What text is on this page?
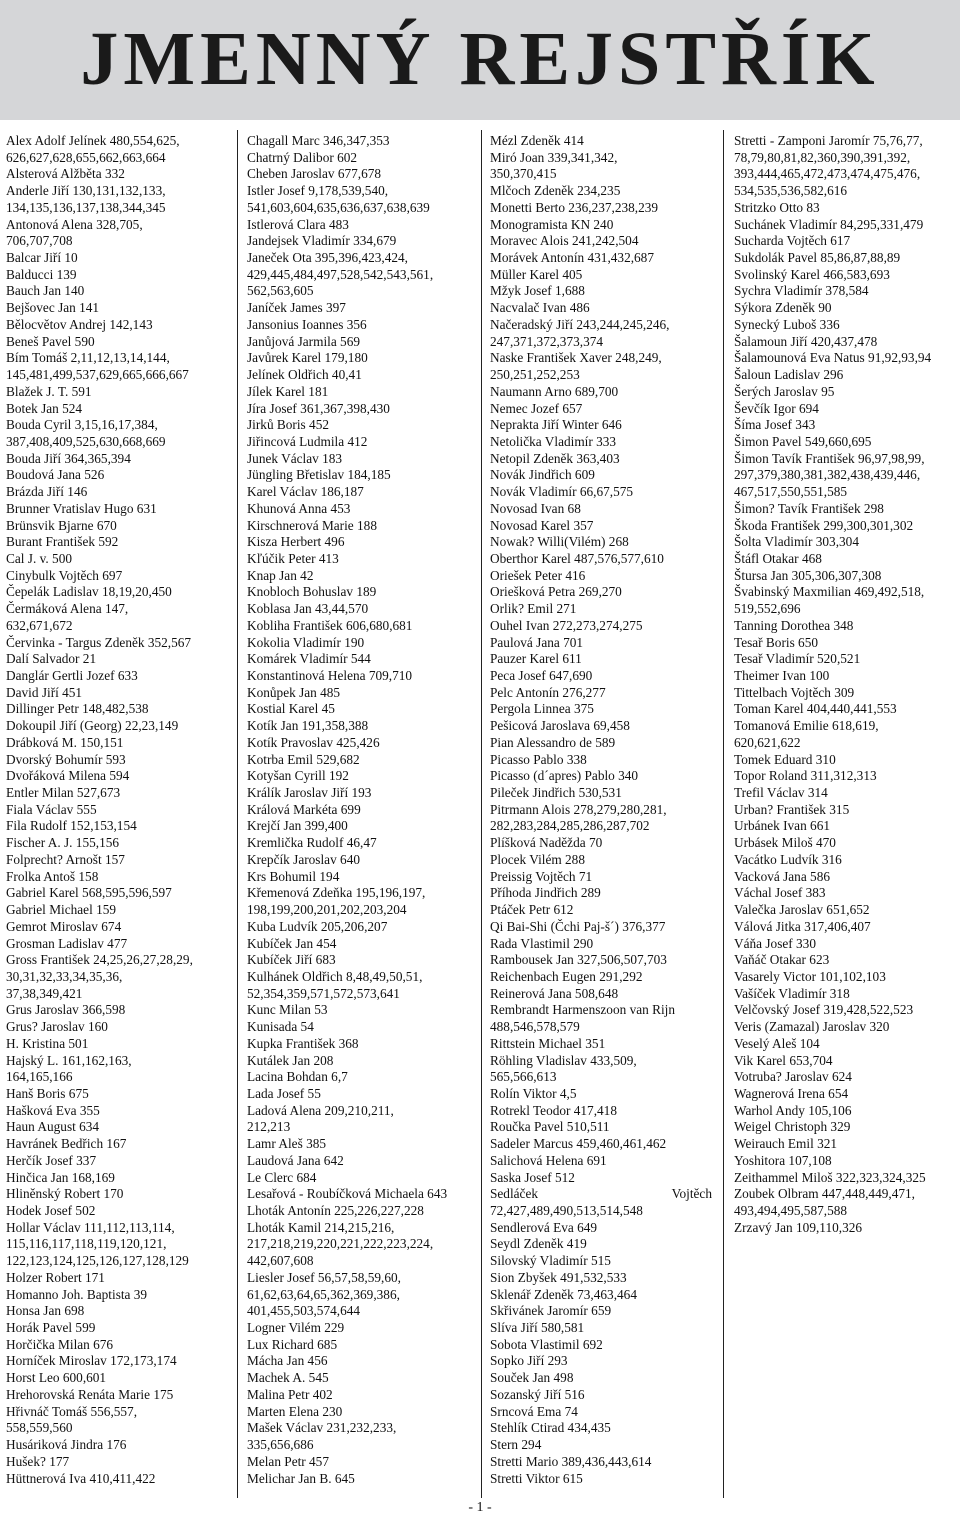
JMENNÝ REJSTŘÍK
Alex Adolf Jelínek 480,554,625,
626,627,628,655,662,663,664
Alsterová Alžběta 332
Anderle Jiří 130,131,132,133,
134,135,136,137,138,344,345
Antonová Alena 328,705,
706,707,708
Balcar Jiří 10
Balducci 139
Bauch Jan 140
Bejšovec Jan 141
Bělocvětov Andrej 142,143
Beneš Pavel 590
Bím Tomáš 2,11,12,13,14,144,
145,481,499,537,629,665,666,667
Blažek J. T. 591
Botek Jan 524
Bouda Cyril 3,15,16,17,384,
387,408,409,525,630,668,669
Bouda Jiří 364,365,394
Boudová Jana 526
Brázda Jiří 146
Brunner Vratislav Hugo 631
Brünsvik Bjarne 670
Burant František 592
Cal J. v. 500
Cinybulk Vojtěch 697
Čepelák Ladislav 18,19,20,450
Čermáková Alena 147,
632,671,672
Červinka - Targus Zdeněk 352,567
Dalí Salvador 21
Danglár Gertli Jozef 633
David Jiří 451
Dillinger Petr 148,482,538
Dokoupil Jiří (Georg) 22,23,149
Drábková M. 150,151
Dvorský Bohumír 593
Dvořáková Milena 594
Entler Milan 527,673
Fiala Václav 555
Fila Rudolf 152,153,154
Fischer A. J. 155,156
Folprecht? Arnošt 157
Frolka Antoš 158
Gabriel Karel 568,595,596,597
Gabriel Michael 159
Gemrot Miroslav 674
Grosman Ladislav 477
Gross František 24,25,26,27,28,29,
30,31,32,33,34,35,36,
37,38,349,421
Grus Jaroslav 366,598
Grus? Jaroslav 160
H. Kristina 501
Hajský L. 161,162,163,
164,165,166
Hanš Boris 675
Hašková Eva 355
Haun August 634
Havránek Bedřich 167
Herčík Josef 337
Hinčica Jan 168,169
Hliněnský Robert 170
Hodek Josef 502
Hollar Václav 111,112,113,114,
115,116,117,118,119,120,121,
122,123,124,125,126,127,128,129
Holzer Robert 171
Homanno Joh. Baptista 39
Honsa Jan 698
Horák Pavel 599
Horčička Milan 676
Horníček Miroslav 172,173,174
Horst Leo 600,601
Hrehorovská Renáta Marie 175
Hřivnáč Tomáš 556,557,
558,559,560
Husáriková Jindra 176
Hušek? 177
Hüttnerová Iva 410,411,422
Chagall Marc 346,347,353
Chatrný Dalibor 602
Cheben Jaroslav 677,678
Istler Josef 9,178,539,540,
541,603,604,635,636,637,638,639
Istlerová Clara 483
Jandejsek Vladimír 334,679
Janeček Ota 395,396,423,424,
429,445,484,497,528,542,543,561,
562,563,605
Janíček James 397
Jansonius Ioannes 356
Janůjová Jarmila 569
Javůrek Karel 179,180
Jelínek Oldřich 40,41
Jílek Karel 181
Jíra Josef 361,367,398,430
Jirků Boris 452
Jiřincová Ludmila 412
Junek Václav 183
Jüngling Břetislav 184,185
Karel Václav 186,187
Khunová Anna 453
Kirschnerová Marie 188
Kisza Herbert 496
Kľúčik Peter 413
Knap Jan 42
Knobloch Bohuslav 189
Koblasa Jan 43,44,570
Kobliha František 606,680,681
Kokolia Vladimír 190
Komárek Vladimír 544
Konstantinová Helena 709,710
Konůpek Jan 485
Kostial Karel 45
Kotík Jan 191,358,388
Kotík Pravoslav 425,426
Kotrba Emil 529,682
Kotyšan Cyrill 192
Králík Jaroslav Jiří 193
Králová Markéta 699
Krejčí Jan 399,400
Kremlička Rudolf 46,47
Krepčík Jaroslav 640
Krs Bohumil 194
Křemenová Zdeňka 195,196,197,
198,199,200,201,202,203,204
Kuba Ludvík 205,206,207
Kubíček Jan 454
Kubíček Jiří 683
Kulhánek Oldřich 8,48,49,50,51,
52,354,359,571,572,573,641
Kunc Milan 53
Kunisada 54
Kupka František 368
Kutálek Jan 208
Lacina Bohdan 6,7
Lada Josef 55
Ladová Alena 209,210,211,
212,213
Lamr Aleš 385
Laudová Jana 642
Le Clerc 684
Lesařová - Roubíčková Michaela 643
Lhoták Antonín 225,226,227,228
Lhoták Kamil 214,215,216,
217,218,219,220,221,222,223,224,
442,607,608
Liesler Josef 56,57,58,59,60,
61,62,63,64,65,362,369,386,
401,455,503,574,644
Logner Vilém 229
Lux Richard 685
Mácha Jan 456
Machek A. 545
Malina Petr 402
Marten Elena 230
Mašek Václav 231,232,233,
335,656,686
Melan Petr 457
Melichar Jan B. 645
Mézl Zdeněk 414
Miró Joan 339,341,342,
350,370,415
Mlčoch Zdeněk 234,235
Monetti Berto 236,237,238,239
Monogramista KN 240
Moravec Alois 241,242,504
Morávek Antonín 431,432,687
Müller Karel 405
Mžyk Josef 1,688
Nacvalač Ivan 486
Načeradský Jiří 243,244,245,246,
247,371,372,373,374
Naske František Xaver 248,249,
250,251,252,253
Naumann Arno 689,700
Nemec Jozef 657
Neprakta Jiří Winter 646
Netolička Vladimír 333
Netopil Zdeněk 363,403
Novák Jindřich 609
Novák Vladimír 66,67,575
Novosad Ivan 68
Novosad Karel 357
Nowak? Willi(Vilém) 268
Oberthor Karel 487,576,577,610
Oriešek Peter 416
Oriešková Petra 269,270
Orlik? Emil 271
Ouhel Ivan 272,273,274,275
Paulová Jana 701
Pauzer Karel 611
Peca Josef 647,690
Pelc Antonín 276,277
Pergola Linnea 375
Pešicová Jaroslava 69,458
Pian Alessandro de 589
Picasso Pablo 338
Picasso (d´apres) Pablo 340
Pileček Jindřich 530,531
Pitrmann Alois 278,279,280,281,
282,283,284,285,286,287,702
Plíšková Naděžda 70
Plocek Vilém 288
Preissig Vojtěch 71
Příhoda Jindřich 289
Ptáček Petr 612
Qi Bai-Shi (Čchi Paj-š´) 376,377
Rada Vlastimil 290
Rambousek Jan 327,506,507,703
Reichenbach Eugen 291,292
Reinerová Jana 508,648
Rembrandt Harmenszoon van Rijn
488,546,578,579
Rittstein Michael 351
Röhling Vladislav 433,509,
565,566,613
Rolín Viktor 4,5
Rotrekl Teodor 417,418
Roučka Pavel 510,511
Sadeler Marcus 459,460,461,462
Salichová Helena 691
Saska Josef 512
Sedláček	Vojtěch
72,427,489,490,513,514,548
Sendlerová Eva 649
Seydl Zdeněk 419
Silovský Vladimír 515
Sion Zbyšek 491,532,533
Sklenář Zdeněk 73,463,464
Skřivánek Jaromír 659
Slíva Jiří 580,581
Sobota Vlastimil 692
Sopko Jiří 293
Souček Jan 498
Sozanský Jiří 516
Srncová Ema 74
Stehlík Ctirad 434,435
Stern 294
Stretti Mario 389,436,443,614
Stretti Viktor 615
Stretti - Zamponi Jaromír 75,76,77,
78,79,80,81,82,360,390,391,392,
393,444,465,472,473,474,475,476,
534,535,536,582,616
Stritzko Otto 83
Suchánek Vladimír 84,295,331,479
Sucharda Vojtěch 617
Sukdolák Pavel 85,86,87,88,89
Svolinský Karel 466,583,693
Sychra Vladimír 378,584
Sýkora Zdeněk 90
Synecký Luboš 336
Šalamoun Jiří 420,437,478
Šalamounová Eva Natus 91,92,93,94
Šaloun Ladislav 296
Šerých Jaroslav 95
Ševčík Igor 694
Šíma Josef 343
Šimon Pavel 549,660,695
Šimon Tavík František 96,97,98,99,
297,379,380,381,382,438,439,446,
467,517,550,551,585
Šimon? Tavík František 298
Škoda František 299,300,301,302
Šolta Vladimír 303,304
Štáfl Otakar 468
Štursa Jan 305,306,307,308
Švabinský Maxmilian 469,492,518,
519,552,696
Tanning Dorothea 348
Tesař Boris 650
Tesař Vladimír 520,521
Theimer Ivan 100
Tittelbach Vojtěch 309
Toman Karel 404,440,441,553
Tomanová Emilie 618,619,
620,621,622
Tomek Eduard 310
Topor Roland 311,312,313
Trefil Václav 314
Urban? František 315
Urbánek Ivan 661
Urbásek Miloš 470
Vacátko Ludvík 316
Vacková Jana 586
Váchal Josef 383
Valečka Jaroslav 651,652
Válová Jitka 317,406,407
Váňa Josef 330
Vaňáč Otakar 623
Vasarely Victor 101,102,103
Vašíček Vladimír 318
Velčovský Josef 319,428,522,523
Veris (Zamazal) Jaroslav 320
Veselý Aleš 104
Vik Karel 653,704
Votruba? Jaroslav 624
Wagnerová Irena 654
Warhol Andy 105,106
Weigel Christoph 329
Weirauch Emil 321
Yoshitora 107,108
Zeithammel Miloš 322,323,324,325
Zoubek Olbram 447,448,449,471,
493,494,495,587,588
Zrzavý Jan 109,110,326
- 1 -
